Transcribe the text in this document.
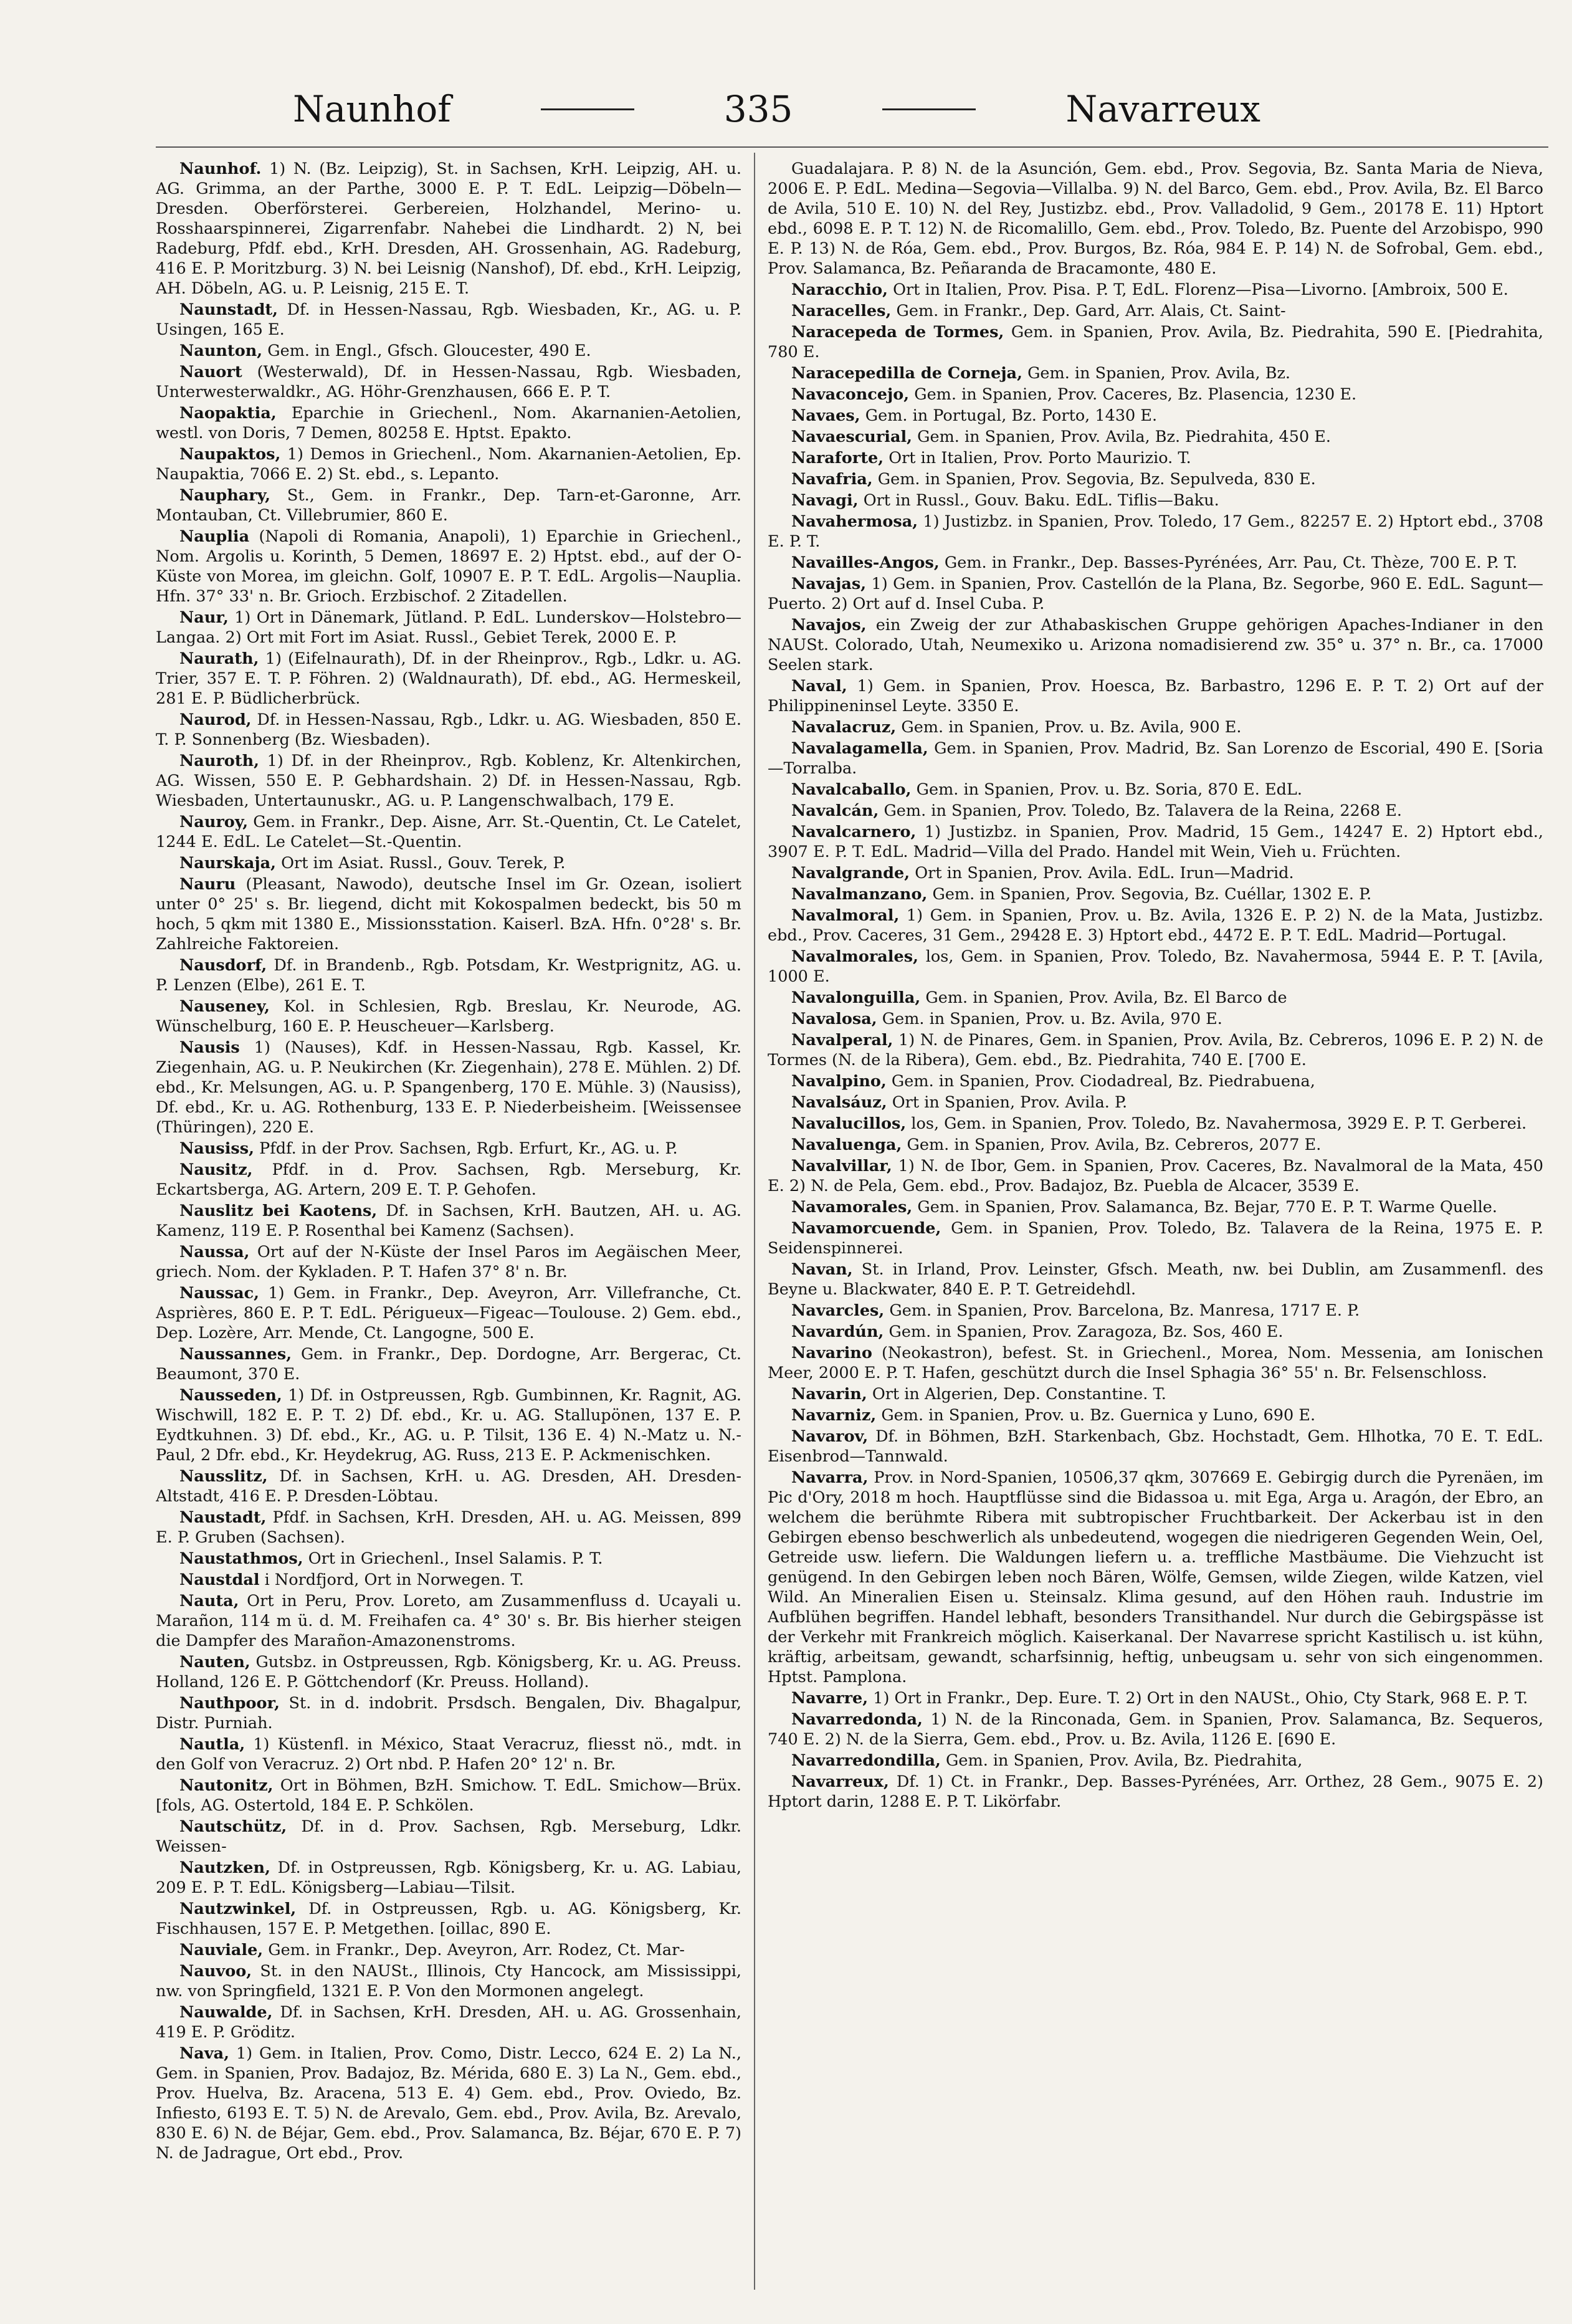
Naunhof	335	Navarreux

Naunhof. 1) N. (Bz. Leipzig), St. in Sachsen, KrH. Leipzig, AH. u. AG. Grimma, an der Parthe, 3000 E. P. T. EdL. Leipzig—Döbeln—Dresden. Oberförsterei. Gerbereien, Holzhandel, Merino- u. Rosshaarspinnerei, Zigarrenfabr. Nahebei die Lindhardt. 2) N, bei Radeburg, Pfdf. ebd., KrH. Dresden, AH. Grossenhain, AG. Radeburg, 416 E. P. Moritzburg. 3) N. bei Leisnig (Nanshof), Df. ebd., KrH. Leipzig, AH. Döbeln, AG. u. P. Leisnig, 215 E. T.

Naunstadt, Df. in Hessen-Nassau, Rgb. Wiesbaden, Kr., AG. u. P. Usingen, 165 E.

Naunton, Gem. in Engl., Gfsch. Gloucester, 490 E.

Nauort (Westerwald), Df. in Hessen-Nassau, Rgb. Wiesbaden, Unterwesterwaldkr., AG. Höhr-Grenzhausen, 666 E. P. T.

Naopaktia, Eparchie in Griechenl., Nom. Akarnanien-Aetolien, westl. von Doris, 7 Demen, 80258 E. Hptst. Epakto.

Naupaktos, 1) Demos in Griechenl., Nom. Akarnanien-Aetolien, Ep. Naupaktia, 7066 E. 2) St. ebd., s. Lepanto.

Nauphary, St., Gem. in Frankr., Dep. Tarn-et-Garonne, Arr. Montauban, Ct. Villebrumier, 860 E.

Nauplia (Napoli di Romania, Anapoli), 1) Eparchie in Griechenl., Nom. Argolis u. Korinth, 5 Demen, 18697 E. 2) Hptst. ebd., auf der O-Küste von Morea, im gleichn. Golf, 10907 E. P. T. EdL. Argolis—Nauplia. Hfn. 37° 33' n. Br. Grioch. Erzbischof. 2 Zitadellen.

Naur, 1) Ort in Dänemark, Jütland. P. EdL. Lunderskov—Holstebro—Langaa. 2) Ort mit Fort im Asiat. Russl., Gebiet Terek, 2000 E. P.

Naurath, 1) (Eifelnaurath), Df. in der Rheinprov., Rgb., Ldkr. u. AG. Trier, 357 E. T. P. Föhren. 2) (Waldnaurath), Df. ebd., AG. Hermeskeil, 281 E. P. Büdlicherbrück.

Naurod, Df. in Hessen-Nassau, Rgb., Ldkr. u. AG. Wiesbaden, 850 E. T. P. Sonnenberg (Bz. Wiesbaden).

Nauroth, 1) Df. in der Rheinprov., Rgb. Koblenz, Kr. Altenkirchen, AG. Wissen, 550 E. P. Gebhardshain. 2) Df. in Hessen-Nassau, Rgb. Wiesbaden, Untertaunuskr., AG. u. P. Langenschwalbach, 179 E.

Nauroy, Gem. in Frankr., Dep. Aisne, Arr. St.-Quentin, Ct. Le Catelet, 1244 E. EdL. Le Catelet—St.-Quentin.

Naurskaja, Ort im Asiat. Russl., Gouv. Terek, P.

Nauru (Pleasant, Nawodo), deutsche Insel im Gr. Ozean, isoliert unter 0° 25' s. Br. liegend, dicht mit Kokospalmen bedeckt, bis 50 m hoch, 5 qkm mit 1380 E., Missionsstation. Kaiserl. BzA. Hfn. 0°28' s. Br. Zahlreiche Faktoreien.

Nausdorf, Df. in Brandenb., Rgb. Potsdam, Kr. Westprignitz, AG. u. P. Lenzen (Elbe), 261 E. T.

Nauseney, Kol. in Schlesien, Rgb. Breslau, Kr. Neurode, AG. Wünschelburg, 160 E. P. Heuscheuer—Karlsberg.

Nausis 1) (Nauses), Kdf. in Hessen-Nassau, Rgb. Kassel, Kr. Ziegenhain, AG. u. P. Neukirchen (Kr. Ziegenhain), 278 E. Mühlen. 2) Df. ebd., Kr. Melsungen, AG. u. P. Spangenberg, 170 E. Mühle. 3) (Nausiss), Df. ebd., Kr. u. AG. Rothenburg, 133 E. P. Niederbeisheim. [Weissensee (Thüringen), 220 E.

Nausiss, Pfdf. in der Prov. Sachsen, Rgb. Erfurt, Kr., AG. u. P.

Nausitz, Pfdf. in d. Prov. Sachsen, Rgb. Merseburg, Kr. Eckartsberga, AG. Artern, 209 E. T. P. Gehofen.

Nauslitz bei Kaotens, Df. in Sachsen, KrH. Bautzen, AH. u. AG. Kamenz, 119 E. P. Rosenthal bei Kamenz (Sachsen).

Naussa, Ort auf der N-Küste der Insel Paros im Aegäischen Meer, griech. Nom. der Kykladen. P. T. Hafen 37° 8' n. Br.

Naussac, 1) Gem. in Frankr., Dep. Aveyron, Arr. Villefranche, Ct. Asprières, 860 E. P. T. EdL. Périgueux—Figeac—Toulouse. 2) Gem. ebd., Dep. Lozère, Arr. Mende, Ct. Langogne, 500 E.

Naussannes, Gem. in Frankr., Dep. Dordogne, Arr. Bergerac, Ct. Beaumont, 370 E.

Nausseden, 1) Df. in Ostpreussen, Rgb. Gumbinnen, Kr. Ragnit, AG. Wischwill, 182 E. P. T. 2) Df. ebd., Kr. u. AG. Stallupönen, 137 E. P. Eydtkuhnen. 3) Df. ebd., Kr., AG. u. P. Tilsit, 136 E. 4) N.-Matz u. N.-Paul, 2 Dfr. ebd., Kr. Heydekrug, AG. Russ, 213 E. P. Ackmenischken.

Nausslitz, Df. in Sachsen, KrH. u. AG. Dresden, AH. Dresden-Altstadt, 416 E. P. Dresden-Löbtau.

Naustadt, Pfdf. in Sachsen, KrH. Dresden, AH. u. AG. Meissen, 899 E. P. Gruben (Sachsen).

Naustathmos, Ort in Griechenl., Insel Salamis. P. T.

Naustdal i Nordfjord, Ort in Norwegen. T.

Nauta, Ort in Peru, Prov. Loreto, am Zusammenfluss d. Ucayali u. Marañon, 114 m ü. d. M. Freihafen ca. 4° 30' s. Br. Bis hierher steigen die Dampfer des Marañon-Amazonenstroms.

Nauten, Gutsbz. in Ostpreussen, Rgb. Königsberg, Kr. u. AG. Preuss. Holland, 126 E. P. Göttchendorf (Kr. Preuss. Holland).

Nauthpoor, St. in d. indobrit. Prsdsch. Bengalen, Div. Bhagalpur, Distr. Purniah.

Nautla, 1) Küstenfl. in México, Staat Veracruz, fliesst nö., mdt. in den Golf von Veracruz. 2) Ort nbd. P. Hafen 20° 12' n. Br.

Nautonitz, Ort in Böhmen, BzH. Smichow. T. EdL. Smichow—Brüx. [fols, AG. Ostertold, 184 E. P. Schkölen.

Nautschütz, Df. in d. Prov. Sachsen, Rgb. Merseburg, Ldkr. Weissen-

Nautzken, Df. in Ostpreussen, Rgb. Königsberg, Kr. u. AG. Labiau, 209 E. P. T. EdL. Königsberg—Labiau—Tilsit.

Nautzwinkel, Df. in Ostpreussen, Rgb. u. AG. Königsberg, Kr. Fischhausen, 157 E. P. Metgethen. [oillac, 890 E.

Nauviale, Gem. in Frankr., Dep. Aveyron, Arr. Rodez, Ct. Mar-

Nauvoo, St. in den NAUSt., Illinois, Cty Hancock, am Mississippi, nw. von Springfield, 1321 E. P. Von den Mormonen angelegt.

Nauwalde, Df. in Sachsen, KrH. Dresden, AH. u. AG. Grossenhain, 419 E. P. Gröditz.

Nava, 1) Gem. in Italien, Prov. Como, Distr. Lecco, 624 E. 2) La N., Gem. in Spanien, Prov. Badajoz, Bz. Mérida, 680 E. 3) La N., Gem. ebd., Prov. Huelva, Bz. Aracena, 513 E. 4) Gem. ebd., Prov. Oviedo, Bz. Infiesto, 6193 E. T. 5) N. de Arevalo, Gem. ebd., Prov. Avila, Bz. Arevalo, 830 E. 6) N. de Béjar, Gem. ebd., Prov. Salamanca, Bz. Béjar, 670 E. P. 7) N. de Jadrague, Ort ebd., Prov.

Guadalajara. P. 8) N. de la Asunción, Gem. ebd., Prov. Segovia, Bz. Santa Maria de Nieva, 2006 E. P. EdL. Medina—Segovia—Villalba. 9) N. del Barco, Gem. ebd., Prov. Avila, Bz. El Barco de Avila, 510 E. 10) N. del Rey, Justizbz. ebd., Prov. Valladolid, 9 Gem., 20178 E. 11) Hptort ebd., 6098 E. P. T. 12) N. de Ricomalillo, Gem. ebd., Prov. Toledo, Bz. Puente del Arzobispo, 990 E. P. 13) N. de Róa, Gem. ebd., Prov. Burgos, Bz. Róa, 984 E. P. 14) N. de Sofrobal, Gem. ebd., Prov. Salamanca, Bz. Peñaranda de Bracamonte, 480 E.

Naracchio, Ort in Italien, Prov. Pisa. P. T, EdL. Florenz—Pisa—Livorno. [Ambroix, 500 E.

Naracelles, Gem. in Frankr., Dep. Gard, Arr. Alais, Ct. Saint-

Naracepeda de Tormes, Gem. in Spanien, Prov. Avila, Bz. Piedrahita, 590 E. [Piedrahita, 780 E.

Naracepedilla de Corneja, Gem. in Spanien, Prov. Avila, Bz.

Navaconcejo, Gem. in Spanien, Prov. Caceres, Bz. Plasencia, 1230 E.

Navaes, Gem. in Portugal, Bz. Porto, 1430 E.

Navaescurial, Gem. in Spanien, Prov. Avila, Bz. Piedrahita, 450 E.

Naraforte, Ort in Italien, Prov. Porto Maurizio. T.

Navafria, Gem. in Spanien, Prov. Segovia, Bz. Sepulveda, 830 E.

Navagi, Ort in Russl., Gouv. Baku. EdL. Tiflis—Baku.

Navahermosa, 1) Justizbz. in Spanien, Prov. Toledo, 17 Gem., 82257 E. 2) Hptort ebd., 3708 E. P. T.

Navailles-Angos, Gem. in Frankr., Dep. Basses-Pyrénées, Arr. Pau, Ct. Thèze, 700 E. P. T.

Navajas, 1) Gem. in Spanien, Prov. Castellón de la Plana, Bz. Segorbe, 960 E. EdL. Sagunt—Puerto. 2) Ort auf d. Insel Cuba. P.

Navajos, ein Zweig der zur Athabaskischen Gruppe gehörigen Apaches-Indianer in den NAUSt. Colorado, Utah, Neumexiko u. Arizona nomadisierend zw. 35° u. 37° n. Br., ca. 17000 Seelen stark.

Naval, 1) Gem. in Spanien, Prov. Hoesca, Bz. Barbastro, 1296 E. P. T. 2) Ort auf der Philippineninsel Leyte. 3350 E.

Navalacruz, Gem. in Spanien, Prov. u. Bz. Avila, 900 E.

Navalagamella, Gem. in Spanien, Prov. Madrid, Bz. San Lorenzo de Escorial, 490 E. [Soria—Torralba.

Navalcaballo, Gem. in Spanien, Prov. u. Bz. Soria, 870 E. EdL.

Navalcán, Gem. in Spanien, Prov. Toledo, Bz. Talavera de la Reina, 2268 E.

Navalcarnero, 1) Justizbz. in Spanien, Prov. Madrid, 15 Gem., 14247 E. 2) Hptort ebd., 3907 E. P. T. EdL. Madrid—Villa del Prado. Handel mit Wein, Vieh u. Früchten.

Navalgrande, Ort in Spanien, Prov. Avila. EdL. Irun—Madrid.

Navalmanzano, Gem. in Spanien, Prov. Segovia, Bz. Cuéllar, 1302 E. P.

Navalmoral, 1) Gem. in Spanien, Prov. u. Bz. Avila, 1326 E. P. 2) N. de la Mata, Justizbz. ebd., Prov. Caceres, 31 Gem., 29428 E. 3) Hptort ebd., 4472 E. P. T. EdL. Madrid—Portugal.

Navalmorales, los, Gem. in Spanien, Prov. Toledo, Bz. Navahermosa, 5944 E. P. T. [Avila, 1000 E.

Navalonguilla, Gem. in Spanien, Prov. Avila, Bz. El Barco de

Navalosa, Gem. in Spanien, Prov. u. Bz. Avila, 970 E.

Navalperal, 1) N. de Pinares, Gem. in Spanien, Prov. Avila, Bz. Cebreros, 1096 E. P. 2) N. de Tormes (N. de la Ribera), Gem. ebd., Bz. Piedrahita, 740 E. [700 E.

Navalpino, Gem. in Spanien, Prov. Ciodadreal, Bz. Piedrabuena,

Navalsáuz, Ort in Spanien, Prov. Avila. P.

Navalucillos, los, Gem. in Spanien, Prov. Toledo, Bz. Navahermosa, 3929 E. P. T. Gerberei.

Navaluenga, Gem. in Spanien, Prov. Avila, Bz. Cebreros, 2077 E.

Navalvillar, 1) N. de Ibor, Gem. in Spanien, Prov. Caceres, Bz. Navalmoral de la Mata, 450 E. 2) N. de Pela, Gem. ebd., Prov. Badajoz, Bz. Puebla de Alcacer, 3539 E.

Navamorales, Gem. in Spanien, Prov. Salamanca, Bz. Bejar, 770 E. P. T. Warme Quelle.

Navamorcuende, Gem. in Spanien, Prov. Toledo, Bz. Talavera de la Reina, 1975 E. P. Seidenspinnerei.

Navan, St. in Irland, Prov. Leinster, Gfsch. Meath, nw. bei Dublin, am Zusammenfl. des Beyne u. Blackwater, 840 E. P. T. Getreidehdl.

Navarcles, Gem. in Spanien, Prov. Barcelona, Bz. Manresa, 1717 E. P.

Navardún, Gem. in Spanien, Prov. Zaragoza, Bz. Sos, 460 E.

Navarino (Neokastron), befest. St. in Griechenl., Morea, Nom. Messenia, am Ionischen Meer, 2000 E. P. T. Hafen, geschützt durch die Insel Sphagia 36° 55' n. Br. Felsenschloss.

Navarin, Ort in Algerien, Dep. Constantine. T.

Navarniz, Gem. in Spanien, Prov. u. Bz. Guernica y Luno, 690 E.

Navarov, Df. in Böhmen, BzH. Starkenbach, Gbz. Hochstadt, Gem. Hlhotka, 70 E. T. EdL. Eisenbrod—Tannwald.

Navarra, Prov. in Nord-Spanien, 10506,37 qkm, 307669 E. Gebirgig durch die Pyrenäen, im Pic d'Ory, 2018 m hoch. Hauptflüsse sind die Bidassoa u. mit Ega, Arga u. Aragón, der Ebro, an welchem die berühmte Ribera mit subtropischer Fruchtbarkeit. Der Ackerbau ist in den Gebirgen ebenso beschwerlich als unbedeutend, wogegen die niedrigeren Gegenden Wein, Oel, Getreide usw. liefern. Die Waldungen liefern u. a. treffliche Mastbäume. Die Viehzucht ist genügend. In den Gebirgen leben noch Bären, Wölfe, Gemsen, wilde Ziegen, wilde Katzen, viel Wild. An Mineralien Eisen u. Steinsalz. Klima gesund, auf den Höhen rauh. Industrie im Aufblühen begriffen. Handel lebhaft, besonders Transithandel. Nur durch die Gebirgspässe ist der Verkehr mit Frankreich möglich. Kaiserkanal. Der Navarrese spricht Kastilisch u. ist kühn, kräftig, arbeitsam, gewandt, scharfsinnig, heftig, unbeugsam u. sehr von sich eingenommen. Hptst. Pamplona.

Navarre, 1) Ort in Frankr., Dep. Eure. T. 2) Ort in den NAUSt., Ohio, Cty Stark, 968 E. P. T.

Navarredonda, 1) N. de la Rinconada, Gem. in Spanien, Prov. Salamanca, Bz. Sequeros, 740 E. 2) N. de la Sierra, Gem. ebd., Prov. u. Bz. Avila, 1126 E. [690 E.

Navarredondilla, Gem. in Spanien, Prov. Avila, Bz. Piedrahita,

Navarreux, Df. 1) Ct. in Frankr., Dep. Basses-Pyrénées, Arr. Orthez, 28 Gem., 9075 E. 2) Hptort darin, 1288 E. P. T. Likörfabr.
